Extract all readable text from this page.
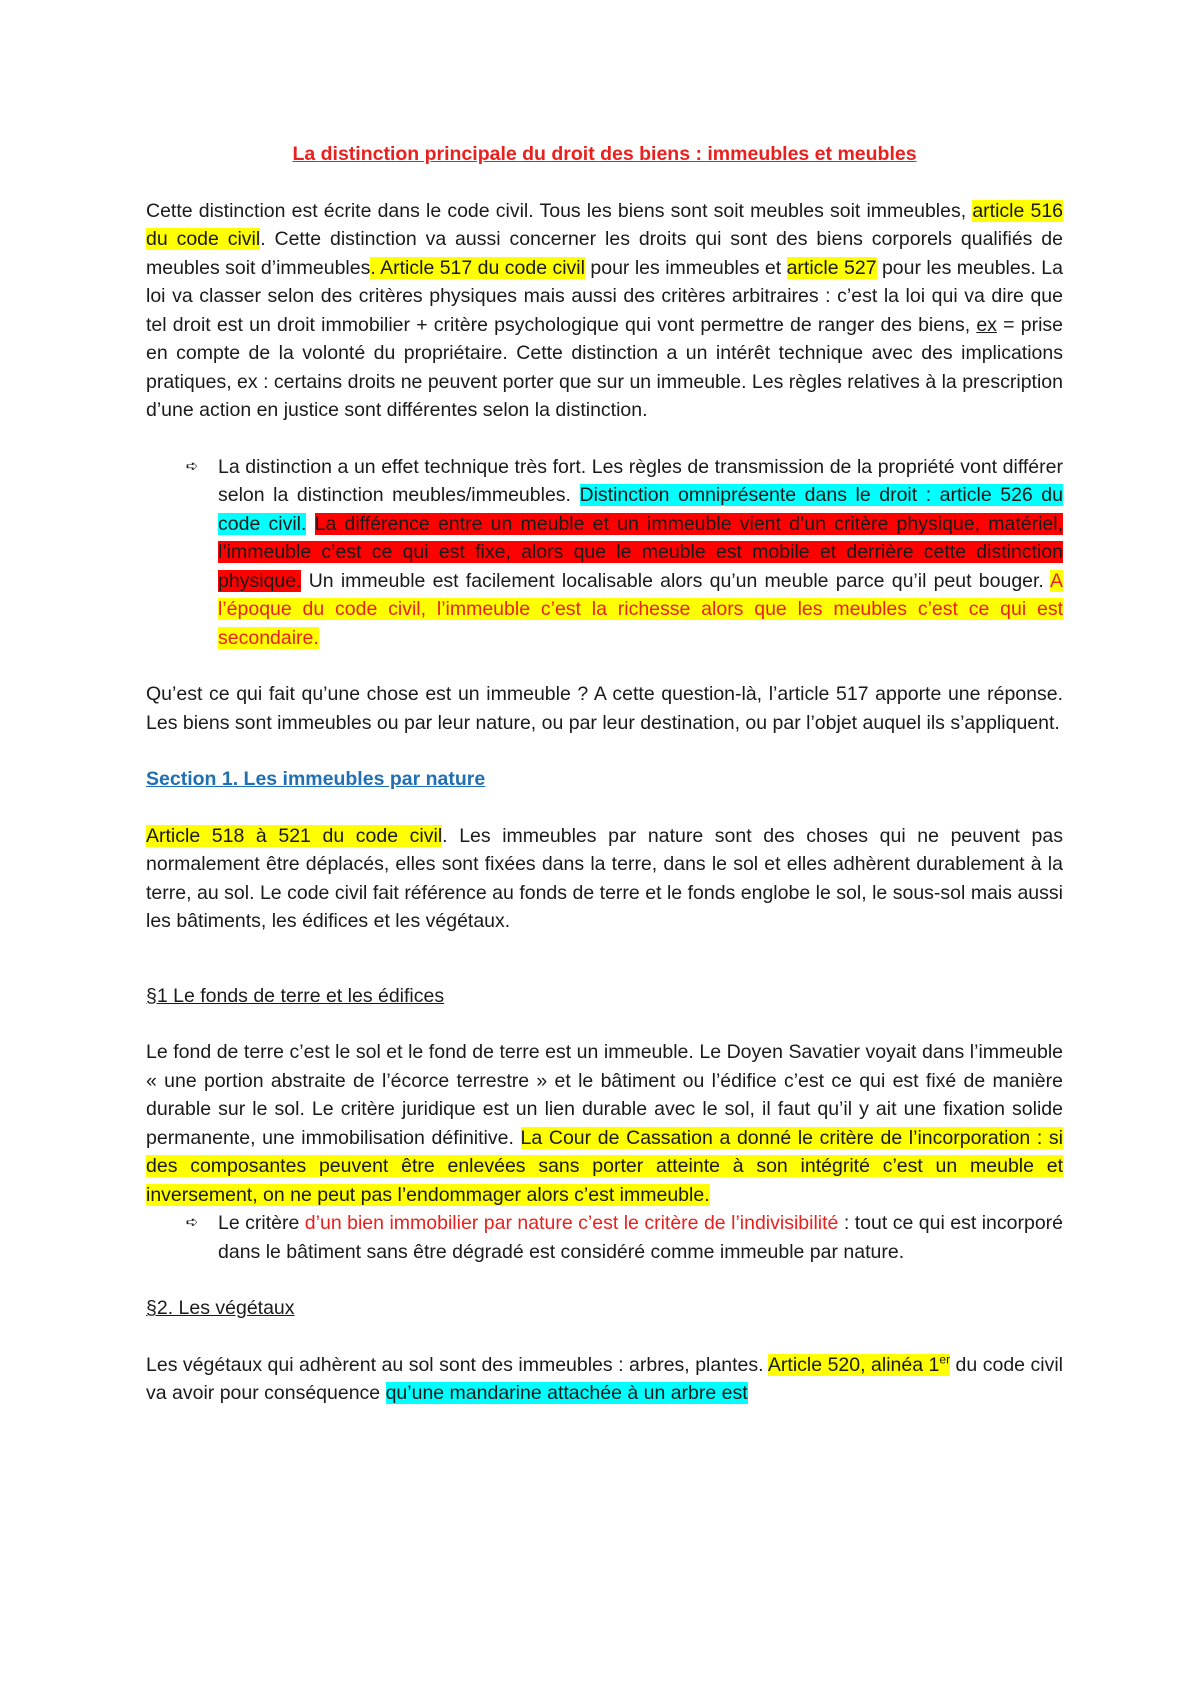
La distinction principale du droit des biens : immeubles et meubles

Cette distinction est écrite dans le code civil. Tous les biens sont soit meubles soit immeubles, article 516 du code civil. Cette distinction va aussi concerner les droits qui sont des biens corporels qualifiés de meubles soit d’immeubles. Article 517 du code civil pour les immeubles et article 527 pour les meubles. La loi va classer selon des critères physiques mais aussi des critères arbitraires : c’est la loi qui va dire que tel droit est un droit immobilier + critère psychologique qui vont permettre de ranger des biens, ex = prise en compte de la volonté du propriétaire. Cette distinction a un intérêt technique avec des implications pratiques, ex : certains droits ne peuvent porter que sur un immeuble. Les règles relatives à la prescription d’une action en justice sont différentes selon la distinction.

➪ La distinction a un effet technique très fort. Les règles de transmission de la propriété vont différer selon la distinction meubles/immeubles. Distinction omniprésente dans le droit : article 526 du code civil. La différence entre un meuble et un immeuble vient d’un critère physique, matériel, l’immeuble c’est ce qui est fixe, alors que le meuble est mobile et derrière cette distinction physique. Un immeuble est facilement localisable alors qu’un meuble parce qu’il peut bouger. A l’époque du code civil, l’immeuble c’est la richesse alors que les meubles c’est ce qui est secondaire.

Qu’est ce qui fait qu’une chose est un immeuble ? A cette question-là, l’article 517 apporte une réponse. Les biens sont immeubles ou par leur nature, ou par leur destination, ou par l’objet auquel ils s’appliquent.

Section 1. Les immeubles par nature

Article 518 à 521 du code civil. Les immeubles par nature sont des choses qui ne peuvent pas normalement être déplacés, elles sont fixées dans la terre, dans le sol et elles adhèrent durablement à la terre, au sol. Le code civil fait référence au fonds de terre et le fonds englobe le sol, le sous-sol mais aussi les bâtiments, les édifices et les végétaux.

§1 Le fonds de terre et les édifices

Le fond de terre c’est le sol et le fond de terre est un immeuble. Le Doyen Savatier voyait dans l’immeuble « une portion abstraite de l’écorce terrestre » et le bâtiment ou l’édifice c’est ce qui est fixé de manière durable sur le sol. Le critère juridique est un lien durable avec le sol, il faut qu’il y ait une fixation solide permanente, une immobilisation définitive. La Cour de Cassation a donné le critère de l’incorporation : si des composantes peuvent être enlevées sans porter atteinte à son intégrité c’est un meuble et inversement, on ne peut pas l’endommager alors c’est immeuble.

➪ Le critère d’un bien immobilier par nature c’est le critère de l’indivisibilité : tout ce qui est incorporé dans le bâtiment sans être dégradé est considéré comme immeuble par nature.

§2. Les végétaux

Les végétaux qui adhèrent au sol sont des immeubles : arbres, plantes. Article 520, alinéa 1er du code civil va avoir pour conséquence qu’une mandarine attachée à un arbre est
